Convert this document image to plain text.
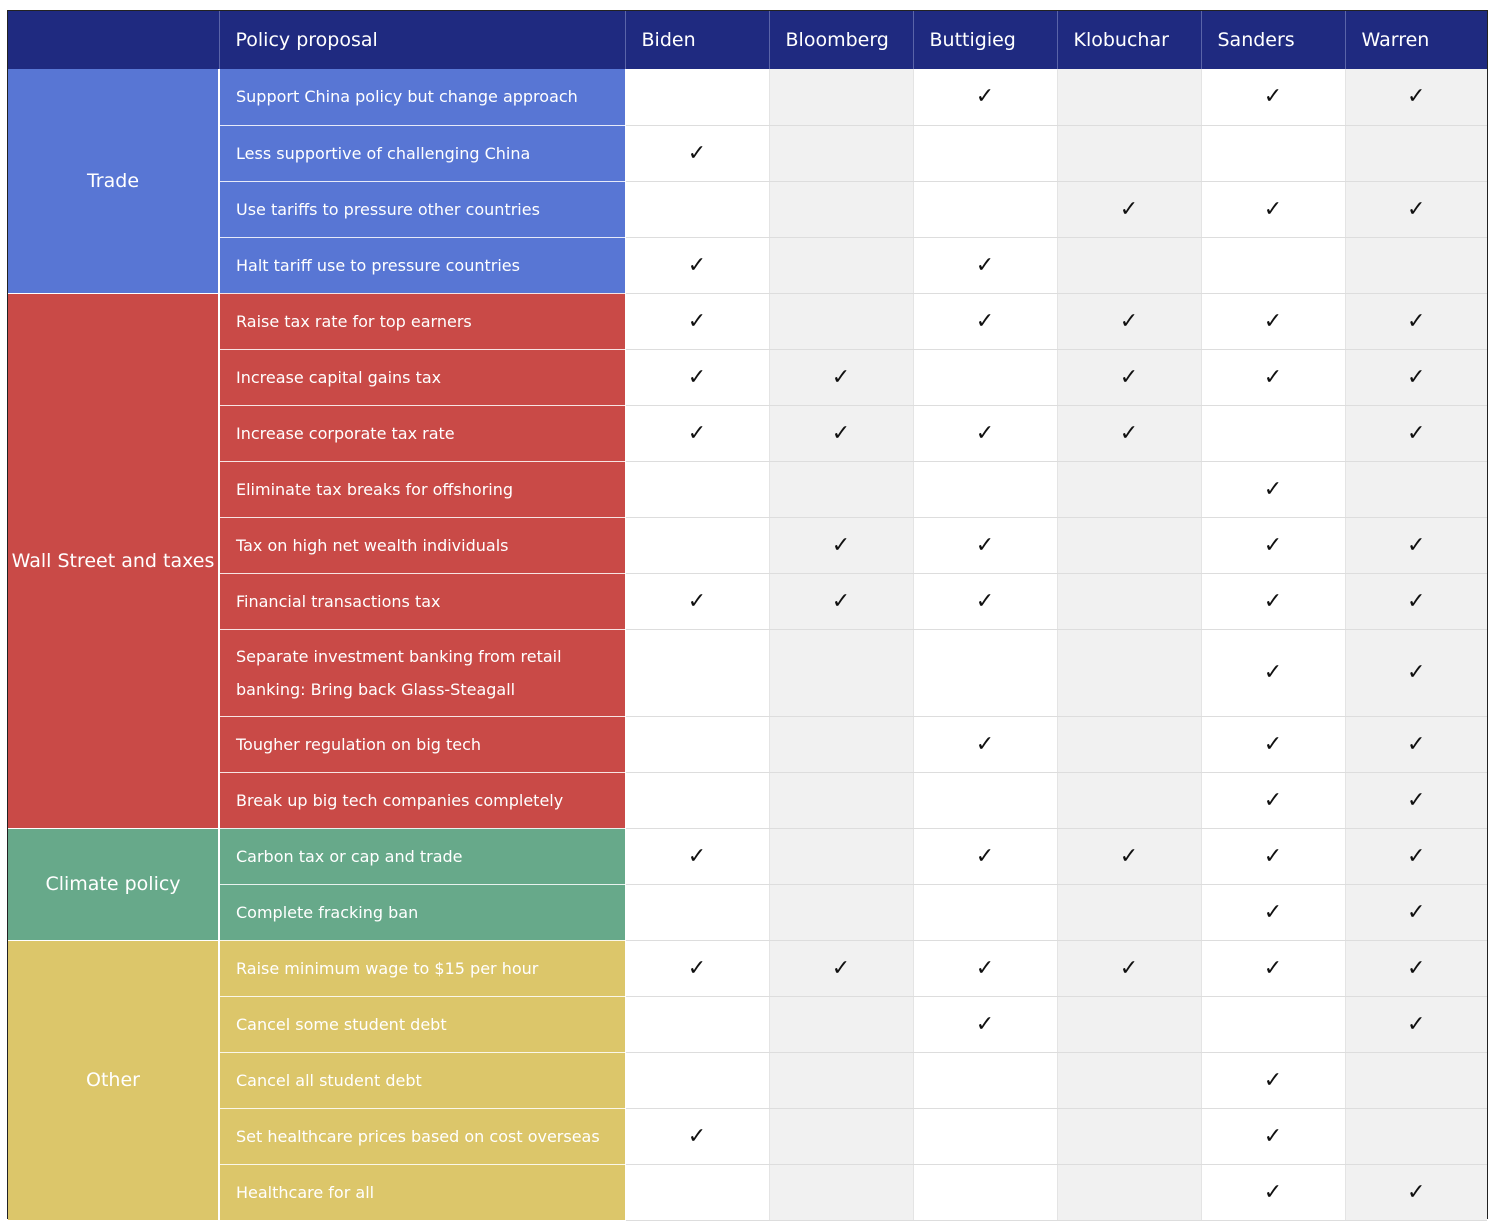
	Policy proposal	Biden	Bloomberg	Buttigieg	Klobuchar	Sanders	Warren
Trade	Support China policy but change approach			✓		✓	✓
	Less supportive of challenging China	✓					
	Use tariffs to pressure other countries				✓	✓	✓
	Halt tariff use to pressure countries	✓		✓			
Wall Street and taxes	Raise tax rate for top earners	✓		✓	✓	✓	✓
	Increase capital gains tax	✓	✓		✓	✓	✓
	Increase corporate tax rate	✓	✓	✓	✓		✓
	Eliminate tax breaks for offshoring					✓	
	Tax on high net wealth individuals		✓	✓		✓	✓
	Financial transactions tax	✓	✓	✓		✓	✓
	Separate investment banking from retail banking: Bring back Glass-Steagall					✓	✓
	Tougher regulation on big tech			✓		✓	✓
	Break up big tech companies completely					✓	✓
Climate policy	Carbon tax or cap and trade	✓		✓	✓	✓	✓
	Complete fracking ban					✓	✓
Other	Raise minimum wage to $15 per hour	✓	✓	✓	✓	✓	✓
	Cancel some student debt			✓			✓
	Cancel all student debt					✓	
	Set healthcare prices based on cost overseas	✓				✓	
	Healthcare for all					✓	✓
